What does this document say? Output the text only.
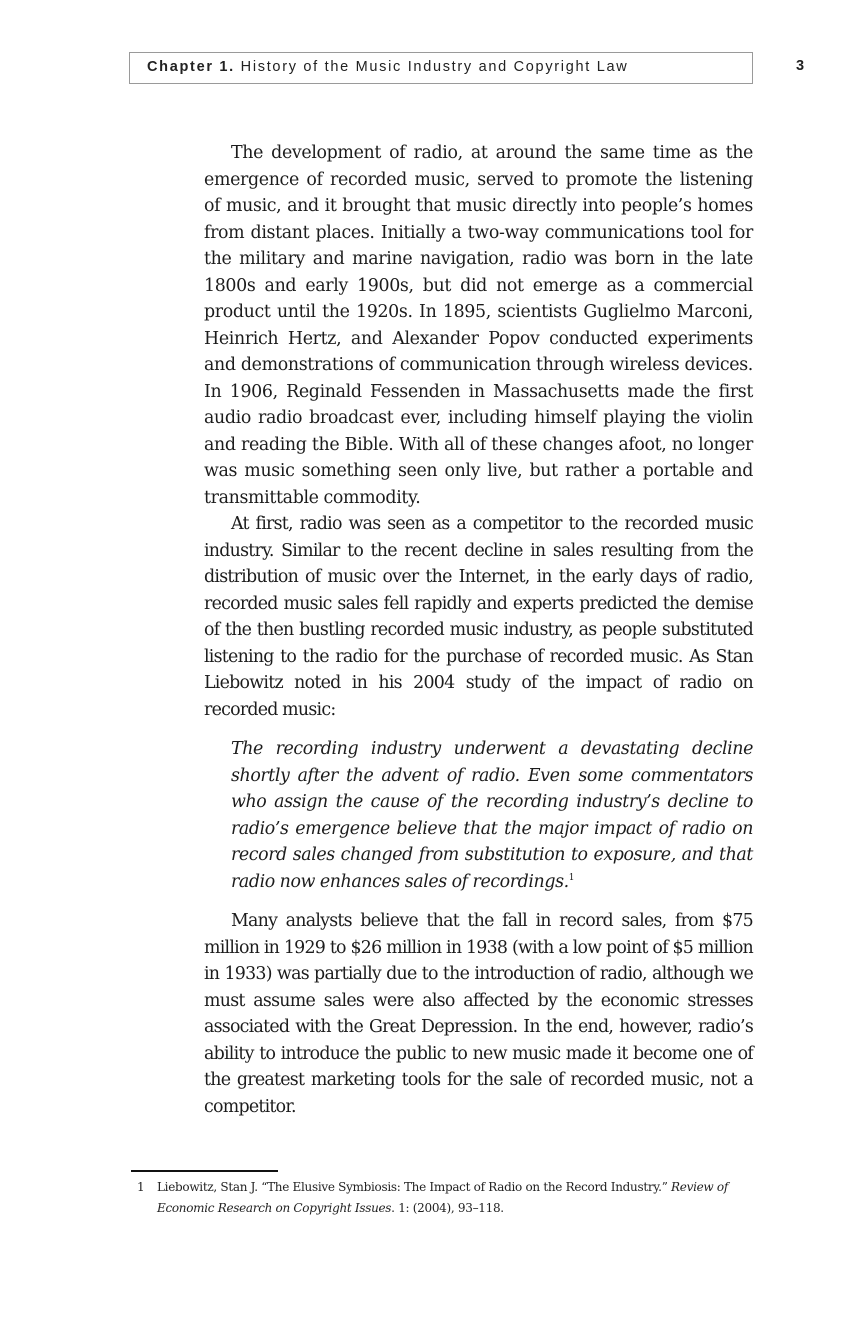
Chapter 1. History of the Music Industry and Copyright Law	3

The development of radio, at around the same time as the emergence of recorded music, served to promote the listening of music, and it brought that music directly into people’s homes from distant places. Initially a two-way communications tool for the military and marine navigation, radio was born in the late 1800s and early 1900s, but did not emerge as a commercial product until the 1920s. In 1895, scientists Guglielmo Marconi, Heinrich Hertz, and Alexander Popov conducted experiments and demonstrations of communication through wireless devices. In 1906, Reginald Fessenden in Massachusetts made the first audio radio broadcast ever, including himself playing the violin and reading the Bible. With all of these changes afoot, no longer was music something seen only live, but rather a portable and transmittable commodity.

At first, radio was seen as a competitor to the recorded music industry. Similar to the recent decline in sales resulting from the distribution of music over the Internet, in the early days of radio, recorded music sales fell rapidly and experts predicted the demise of the then bustling recorded music industry, as people substituted listening to the radio for the purchase of recorded music. As Stan Liebowitz noted in his 2004 study of the impact of radio on recorded music:

The recording industry underwent a devastating decline shortly after the advent of radio. Even some commentators who assign the cause of the recording industry’s decline to radio’s emergence believe that the major impact of radio on record sales changed from substitution to exposure, and that radio now enhances sales of recordings.$^1$

Many analysts believe that the fall in record sales, from $75 million in 1929 to $26 million in 1938 (with a low point of $5 million in 1933) was partially due to the introduction of radio, although we must assume sales were also affected by the economic stresses associated with the Great Depression. In the end, however, radio’s ability to introduce the public to new music made it become one of the greatest marketing tools for the sale of recorded music, not a competitor.

1 Liebowitz, Stan J. “The Elusive Symbiosis: The Impact of Radio on the Record Industry.” Review of Economic Research on Copyright Issues. 1: (2004), 93–118.
